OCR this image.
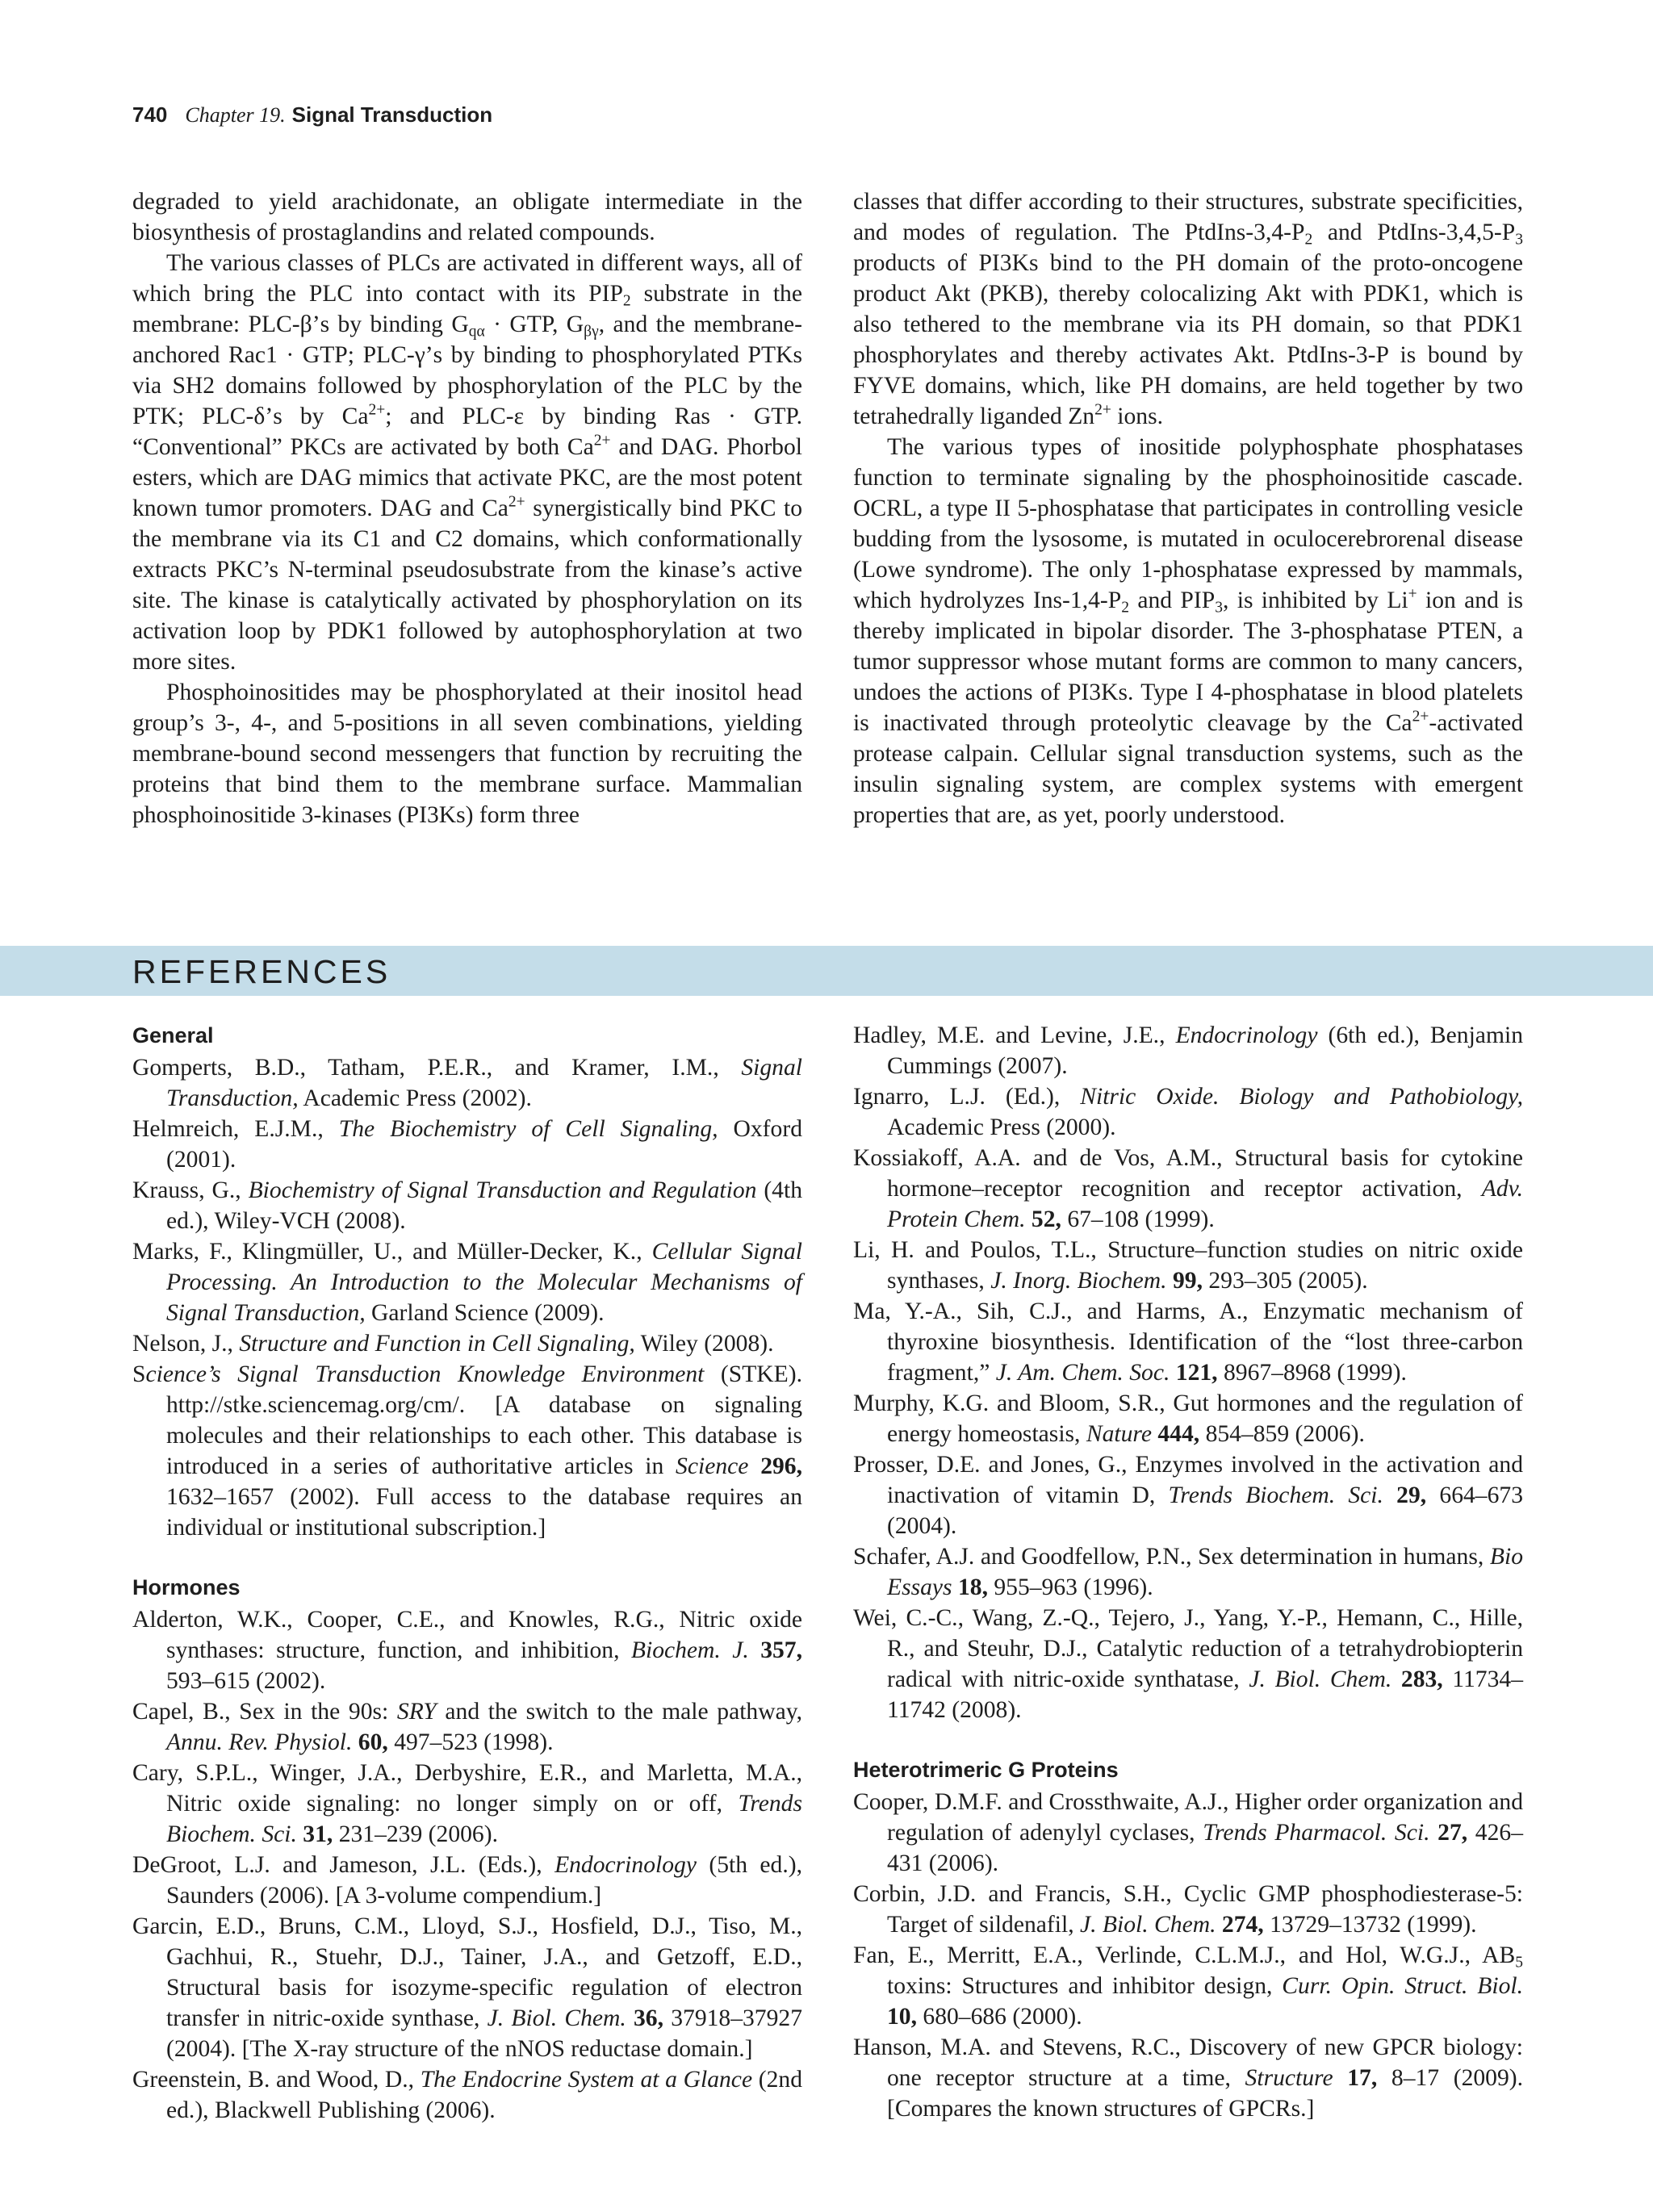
740 Chapter 19. Signal Transduction

degraded to yield arachidonate, an obligate intermediate in the biosynthesis of prostaglandins and related compounds.

The various classes of PLCs are activated in different ways, all of which bring the PLC into contact with its $PIP_2$ substrate in the membrane: PLC-β’s by binding $G_{q\alpha}$ · GTP, $G_{\beta\gamma}$, and the membrane-anchored Rac1 · GTP; PLC-γ’s by binding to phosphorylated PTKs via SH2 domains followed by phosphorylation of the PLC by the PTK; PLC-δ’s by $Ca^{2+}$; and PLC-ε by binding Ras · GTP. “Conventional” PKCs are activated by both $Ca^{2+}$ and DAG. Phorbol esters, which are DAG mimics that activate PKC, are the most potent known tumor promoters. DAG and $Ca^{2+}$ synergistically bind PKC to the membrane via its C1 and C2 domains, which conformationally extracts PKC’s N-terminal pseudosubstrate from the kinase’s active site. The kinase is catalytically activated by phosphorylation on its activation loop by PDK1 followed by autophosphorylation at two more sites.

Phosphoinositides may be phosphorylated at their inositol head group’s 3-, 4-, and 5-positions in all seven combinations, yielding membrane-bound second messengers that function by recruiting the proteins that bind them to the membrane surface. Mammalian phosphoinositide 3-kinases (PI3Ks) form three

classes that differ according to their structures, substrate specificities, and modes of regulation. The PtdIns-$3,4-P_2$ and PtdIns-$3,4,5-P_3$ products of PI3Ks bind to the PH domain of the proto-oncogene product Akt (PKB), thereby colocalizing Akt with PDK1, which is also tethered to the membrane via its PH domain, so that PDK1 phosphorylates and thereby activates Akt. PtdIns-3-P is bound by FYVE domains, which, like PH domains, are held together by two tetrahedrally liganded $Zn^{2+}$ ions.

The various types of inositide polyphosphate phosphatases function to terminate signaling by the phosphoinositide cascade. OCRL, a type II 5-phosphatase that participates in controlling vesicle budding from the lysosome, is mutated in oculocerebrorenal disease (Lowe syndrome). The only 1-phosphatase expressed by mammals, which hydrolyzes Ins-$1,4-P_2$ and $PIP_3$, is inhibited by Li+ ion and is thereby implicated in bipolar disorder. The 3-phosphatase PTEN, a tumor suppressor whose mutant forms are common to many cancers, undoes the actions of PI3Ks. Type I 4-phosphatase in blood platelets is inactivated through proteolytic cleavage by the $Ca^{2+}$-activated protease calpain. Cellular signal transduction systems, such as the insulin signaling system, are complex systems with emergent properties that are, as yet, poorly understood.

REFERENCES
General

Gomperts, B.D., Tatham, P.E.R., and Kramer, I.M., Signal Transduction, Academic Press (2002).

Helmreich, E.J.M., The Biochemistry of Cell Signaling, Oxford (2001).

Krauss, G., Biochemistry of Signal Transduction and Regulation (4th ed.), Wiley-VCH (2008).

Marks, F., Klingmüller, U., and Müller-Decker, K., Cellular Signal Processing. An Introduction to the Molecular Mechanisms of Signal Transduction, Garland Science (2009).

Nelson, J., Structure and Function in Cell Signaling, Wiley (2008).

Science’s Signal Transduction Knowledge Environment (STKE). http://stke.sciencemag.org/cm/. [A database on signaling molecules and their relationships to each other. This database is introduced in a series of authoritative articles in Science 296, 1632–1657 (2002). Full access to the database requires an individual or institutional subscription.]

Hormones

Alderton, W.K., Cooper, C.E., and Knowles, R.G., Nitric oxide synthases: structure, function, and inhibition, Biochem. J. 357, 593–615 (2002).

Capel, B., Sex in the 90s: SRY and the switch to the male pathway, Annu. Rev. Physiol. 60, 497–523 (1998).

Cary, S.P.L., Winger, J.A., Derbyshire, E.R., and Marletta, M.A., Nitric oxide signaling: no longer simply on or off, Trends Biochem. Sci. 31, 231–239 (2006).

DeGroot, L.J. and Jameson, J.L. (Eds.), Endocrinology (5th ed.), Saunders (2006). [A 3-volume compendium.]

Garcin, E.D., Bruns, C.M., Lloyd, S.J., Hosfield, D.J., Tiso, M., Gachhui, R., Stuehr, D.J., Tainer, J.A., and Getzoff, E.D., Structural basis for isozyme-specific regulation of electron transfer in nitric-oxide synthase, J. Biol. Chem. 36, 37918–37927 (2004). [The X-ray structure of the nNOS reductase domain.]

Greenstein, B. and Wood, D., The Endocrine System at a Glance (2nd ed.), Blackwell Publishing (2006).

Hadley, M.E. and Levine, J.E., Endocrinology (6th ed.), Benjamin Cummings (2007).

Ignarro, L.J. (Ed.), Nitric Oxide. Biology and Pathobiology, Academic Press (2000).

Kossiakoff, A.A. and de Vos, A.M., Structural basis for cytokine hormone–receptor recognition and receptor activation, Adv. Protein Chem. 52, 67–108 (1999).

Li, H. and Poulos, T.L., Structure–function studies on nitric oxide synthases, J. Inorg. Biochem. 99, 293–305 (2005).

Ma, Y.-A., Sih, C.J., and Harms, A., Enzymatic mechanism of thyroxine biosynthesis. Identification of the “lost three-carbon fragment,” J. Am. Chem. Soc. 121, 8967–8968 (1999).

Murphy, K.G. and Bloom, S.R., Gut hormones and the regulation of energy homeostasis, Nature 444, 854–859 (2006).

Prosser, D.E. and Jones, G., Enzymes involved in the activation and inactivation of vitamin D, Trends Biochem. Sci. 29, 664–673 (2004).

Schafer, A.J. and Goodfellow, P.N., Sex determination in humans, Bio Essays 18, 955–963 (1996).

Wei, C.-C., Wang, Z.-Q., Tejero, J., Yang, Y.-P., Hemann, C., Hille, R., and Steuhr, D.J., Catalytic reduction of a tetrahydrobiopterin radical with nitric-oxide synthatase, J. Biol. Chem. 283, 11734–11742 (2008).

Heterotrimeric G Proteins

Cooper, D.M.F. and Crossthwaite, A.J., Higher order organization and regulation of adenylyl cyclases, Trends Pharmacol. Sci. 27, 426–431 (2006).

Corbin, J.D. and Francis, S.H., Cyclic GMP phosphodiesterase-5: Target of sildenafil, J. Biol. Chem. 274, 13729–13732 (1999).

Fan, E., Merritt, E.A., Verlinde, C.L.M.J., and Hol, W.G.J., $AB_5$ toxins: Structures and inhibitor design, Curr. Opin. Struct. Biol. 10, 680–686 (2000).

Hanson, M.A. and Stevens, R.C., Discovery of new GPCR biology: one receptor structure at a time, Structure 17, 8–17 (2009). [Compares the known structures of GPCRs.]
